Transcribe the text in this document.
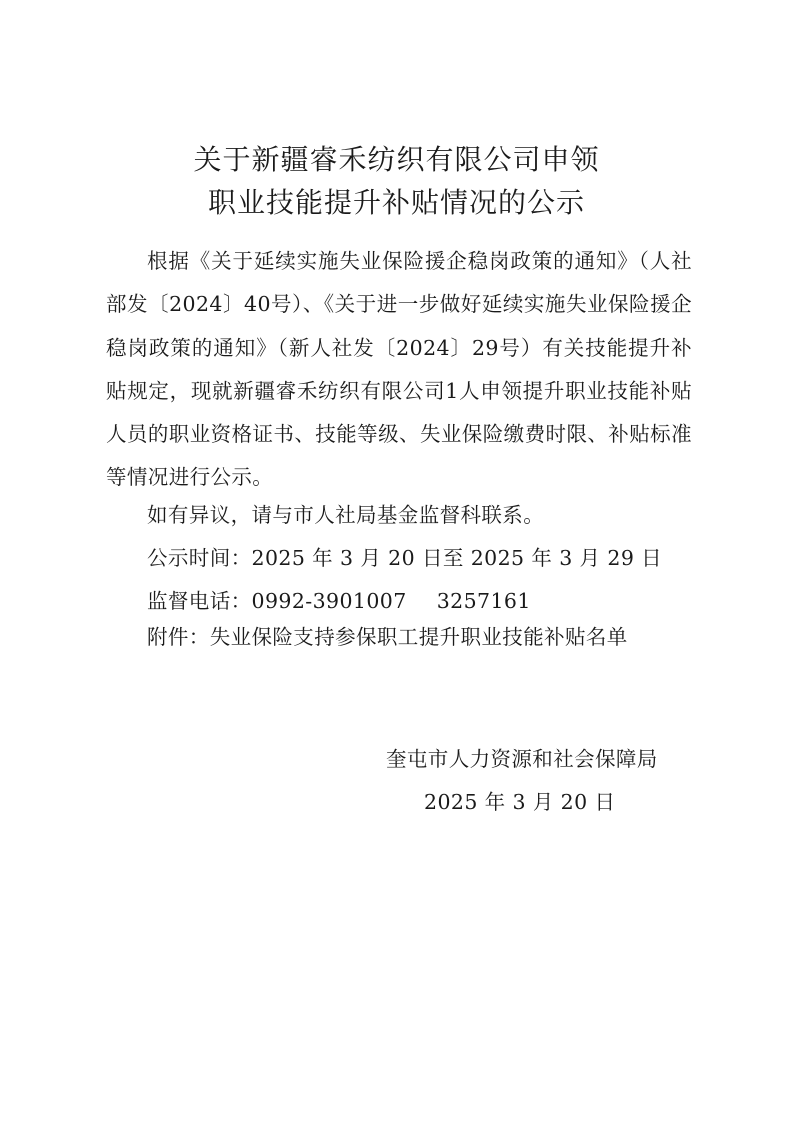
关于新疆睿禾纺织有限公司申领
职业技能提升补贴情况的公示
根据《关于延续实施失业保险援企稳岗政策的通知》（人社部发〔2024〕40号）、《关于进一步做好延续实施失业保险援企稳岗政策的通知》（新人社发〔2024〕29号）有关技能提升补贴规定，现就新疆睿禾纺织有限公司1人申领提升职业技能补贴人员的职业资格证书、技能等级、失业保险缴费时限、补贴标准等情况进行公示。
如有异议，请与市人社局基金监督科联系。
公示时间：2025 年 3 月 20 日至 2025 年 3 月 29 日
监督电话：0992-3901007 3257161
附件：失业保险支持参保职工提升职业技能补贴名单
奎屯市人力资源和社会保障局
2025 年 3 月 20 日
